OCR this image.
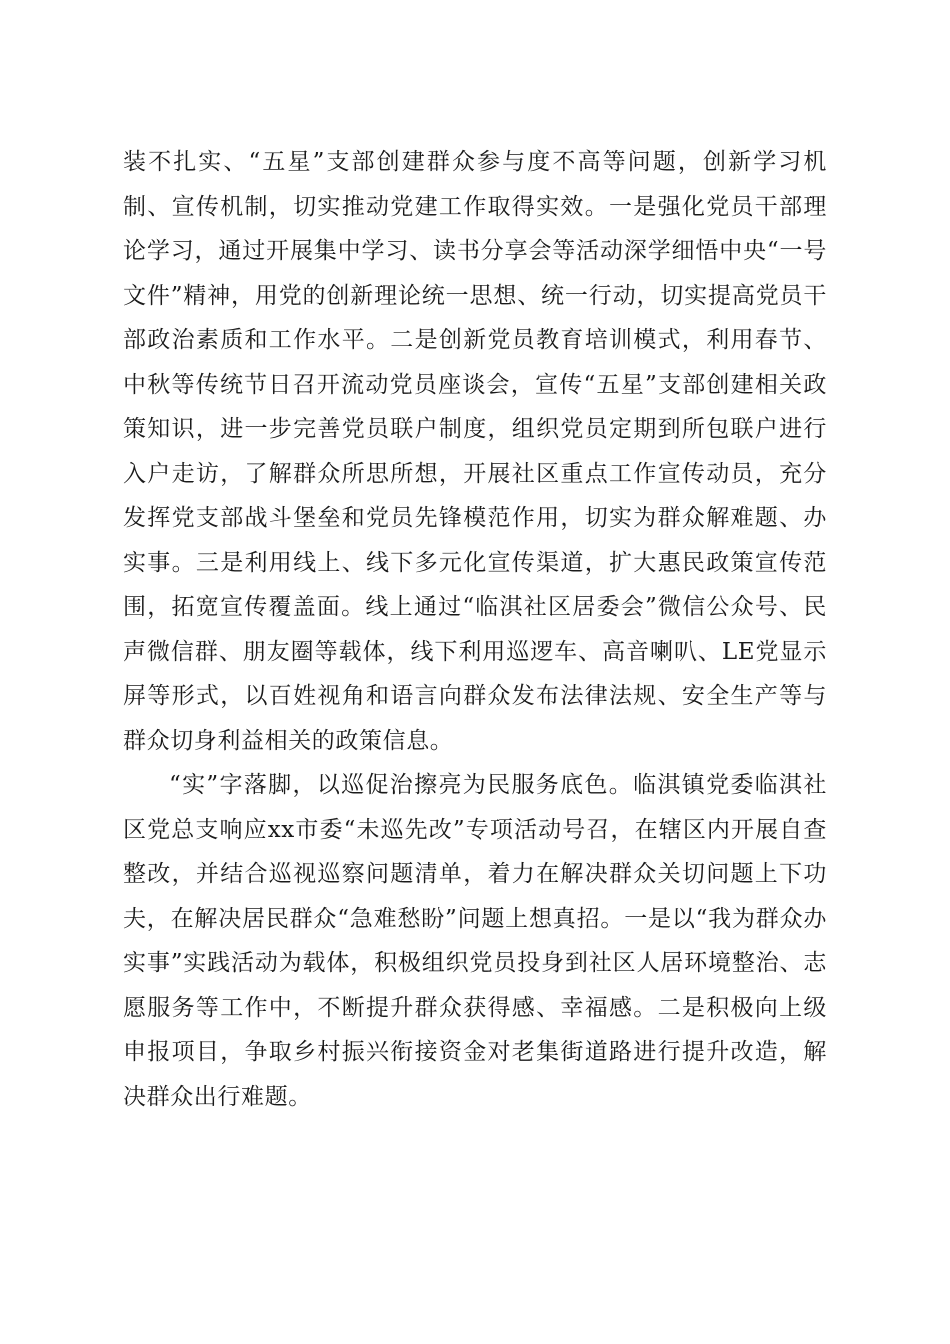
装不扎实、“五星”支部创建群众参与度不高等问题，创新学习机制、宣传机制，切实推动党建工作取得实效。一是强化党员干部理论学习，通过开展集中学习、读书分享会等活动深学细悟中央“一号文件”精神，用党的创新理论统一思想、统一行动，切实提高党员干部政治素质和工作水平。二是创新党员教育培训模式，利用春节、中秋等传统节日召开流动党员座谈会，宣传“五星”支部创建相关政策知识，进一步完善党员联户制度，组织党员定期到所包联户进行入户走访，了解群众所思所想，开展社区重点工作宣传动员，充分发挥党支部战斗堡垒和党员先锋模范作用，切实为群众解难题、办实事。三是利用线上、线下多元化宣传渠道，扩大惠民政策宣传范围，拓宽宣传覆盖面。线上通过“临淇社区居委会”微信公众号、民声微信群、朋友圈等载体，线下利用巡逻车、高音喇叭、LE党显示屏等形式，以百姓视角和语言向群众发布法律法规、安全生产等与群众切身利益相关的政策信息。

“实”字落脚，以巡促治擦亮为民服务底色。临淇镇党委临淇社区党总支响应xx市委“未巡先改”专项活动号召，在辖区内开展自查整改，并结合巡视巡察问题清单，着力在解决群众关切问题上下功夫，在解决居民群众“急难愁盼”问题上想真招。一是以“我为群众办实事”实践活动为载体，积极组织党员投身到社区人居环境整治、志愿服务等工作中，不断提升群众获得感、幸福感。二是积极向上级申报项目，争取乡村振兴衔接资金对老集街道路进行提升改造，解决群众出行难题。
